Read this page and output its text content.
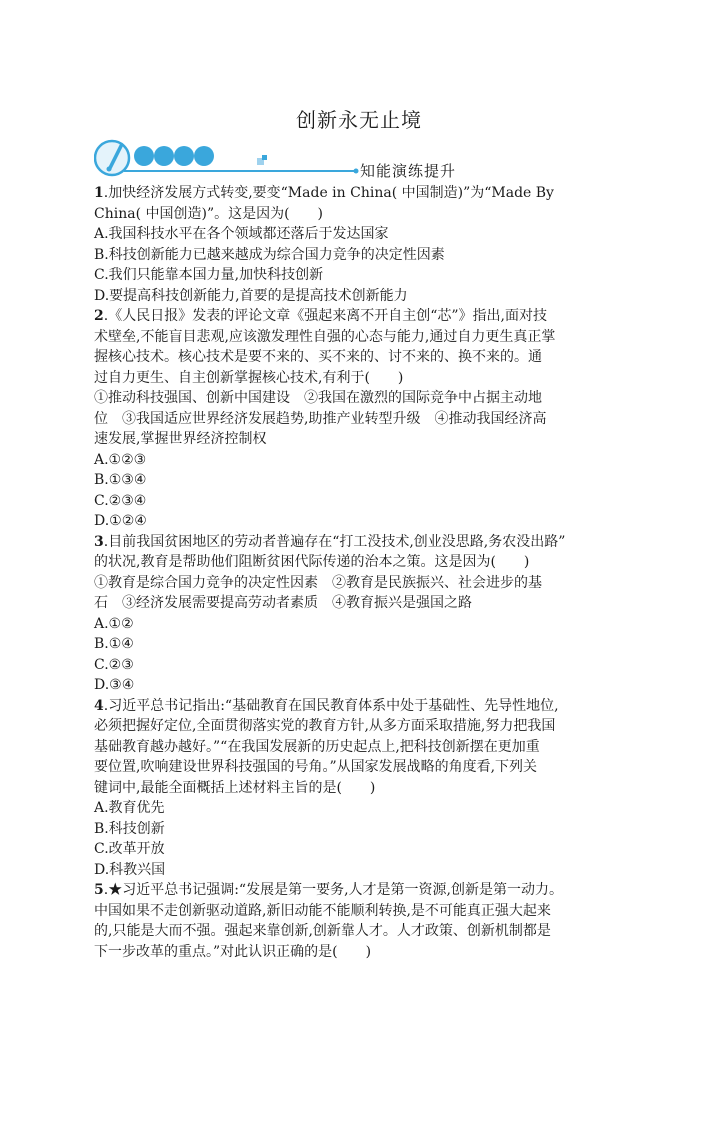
创新永无止境
知能演练提升

1.加快经济发展方式转变,要变“Made in China( 中国制造)”为“Made By

China( 中国创造)”。这是因为(　　)

A.我国科技水平在各个领域都还落后于发达国家

B.科技创新能力已越来越成为综合国力竞争的决定性因素

C.我们只能靠本国力量,加快科技创新

D.要提高科技创新能力,首要的是提高技术创新能力

2.《人民日报》发表的评论文章《强起来离不开自主创“芯”》指出,面对技

术壁垒,不能盲目悲观,应该激发理性自强的心态与能力,通过自力更生真正掌

握核心技术。核心技术是要不来的、买不来的、讨不来的、换不来的。通

过自力更生、自主创新掌握核心技术,有利于(　　)

①推动科技强国、创新中国建设　②我国在激烈的国际竞争中占据主动地

位　③我国适应世界经济发展趋势,助推产业转型升级　④推动我国经济高

速发展,掌握世界经济控制权

A.①②③

B.①③④

C.②③④

D.①②④

3.目前我国贫困地区的劳动者普遍存在“打工没技术,创业没思路,务农没出路”

的状况,教育是帮助他们阻断贫困代际传递的治本之策。这是因为(　　)

①教育是综合国力竞争的决定性因素　②教育是民族振兴、社会进步的基

石　③经济发展需要提高劳动者素质　④教育振兴是强国之路

A.①②

B.①④

C.②③

D.③④

4.习近平总书记指出:“基础教育在国民教育体系中处于基础性、先导性地位,

必须把握好定位,全面贯彻落实党的教育方针,从多方面采取措施,努力把我国

基础教育越办越好。”“在我国发展新的历史起点上,把科技创新摆在更加重

要位置,吹响建设世界科技强国的号角。”从国家发展战略的角度看,下列关

键词中,最能全面概括上述材料主旨的是(　　)

A.教育优先

B.科技创新

C.改革开放

D.科教兴国

5.★习近平总书记强调:“发展是第一要务,人才是第一资源,创新是第一动力。

中国如果不走创新驱动道路,新旧动能不能顺利转换,是不可能真正强大起来

的,只能是大而不强。强起来靠创新,创新靠人才。人才政策、创新机制都是

下一步改革的重点。”对此认识正确的是(　　)
